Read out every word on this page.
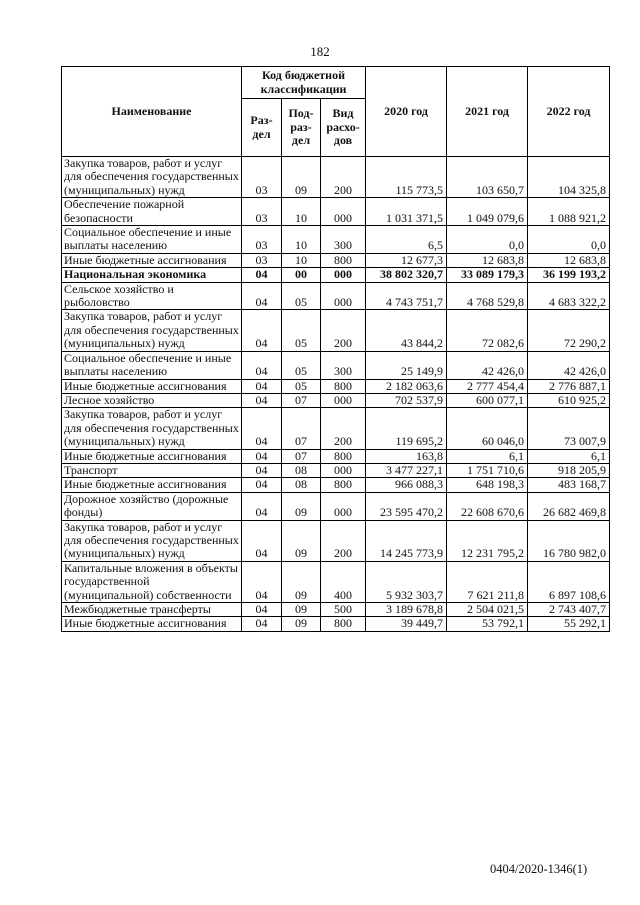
182
Наименование	Код бюджетной классификации			2020 год	2021 год	2022 год
	Раз-дел	Под-раз-дел	Вид расхо-дов			
Закупка товаров, работ и услуг для обеспечения государственных (муниципальных) нужд	03	09	200	115 773,5	103 650,7	104 325,8
Обеспечение пожарной безопасности	03	10	000	1 031 371,5	1 049 079,6	1 088 921,2
Социальное обеспечение и иные выплаты населению	03	10	300	6,5	0,0	0,0
Иные бюджетные ассигнования	03	10	800	12 677,3	12 683,8	12 683,8
Национальная экономика	04	00	000	38 802 320,7	33 089 179,3	36 199 193,2
Сельское хозяйство и рыболовство	04	05	000	4 743 751,7	4 768 529,8	4 683 322,2
Закупка товаров, работ и услуг для обеспечения государственных (муниципальных) нужд	04	05	200	43 844,2	72 082,6	72 290,2
Социальное обеспечение и иные выплаты населению	04	05	300	25 149,9	42 426,0	42 426,0
Иные бюджетные ассигнования	04	05	800	2 182 063,6	2 777 454,4	2 776 887,1
Лесное хозяйство	04	07	000	702 537,9	600 077,1	610 925,2
Закупка товаров, работ и услуг для обеспечения государственных (муниципальных) нужд	04	07	200	119 695,2	60 046,0	73 007,9
Иные бюджетные ассигнования	04	07	800	163,8	6,1	6,1
Транспорт	04	08	000	3 477 227,1	1 751 710,6	918 205,9
Иные бюджетные ассигнования	04	08	800	966 088,3	648 198,3	483 168,7
Дорожное хозяйство (дорожные фонды)	04	09	000	23 595 470,2	22 608 670,6	26 682 469,8
Закупка товаров, работ и услуг для обеспечения государственных (муниципальных) нужд	04	09	200	14 245 773,9	12 231 795,2	16 780 982,0
Капитальные вложения в объекты государственной (муниципальной) собственности	04	09	400	5 932 303,7	7 621 211,8	6 897 108,6
Межбюджетные трансферты	04	09	500	3 189 678,8	2 504 021,5	2 743 407,7
Иные бюджетные ассигнования	04	09	800	39 449,7	53 792,1	55 292,1
0404/2020-1346(1)
